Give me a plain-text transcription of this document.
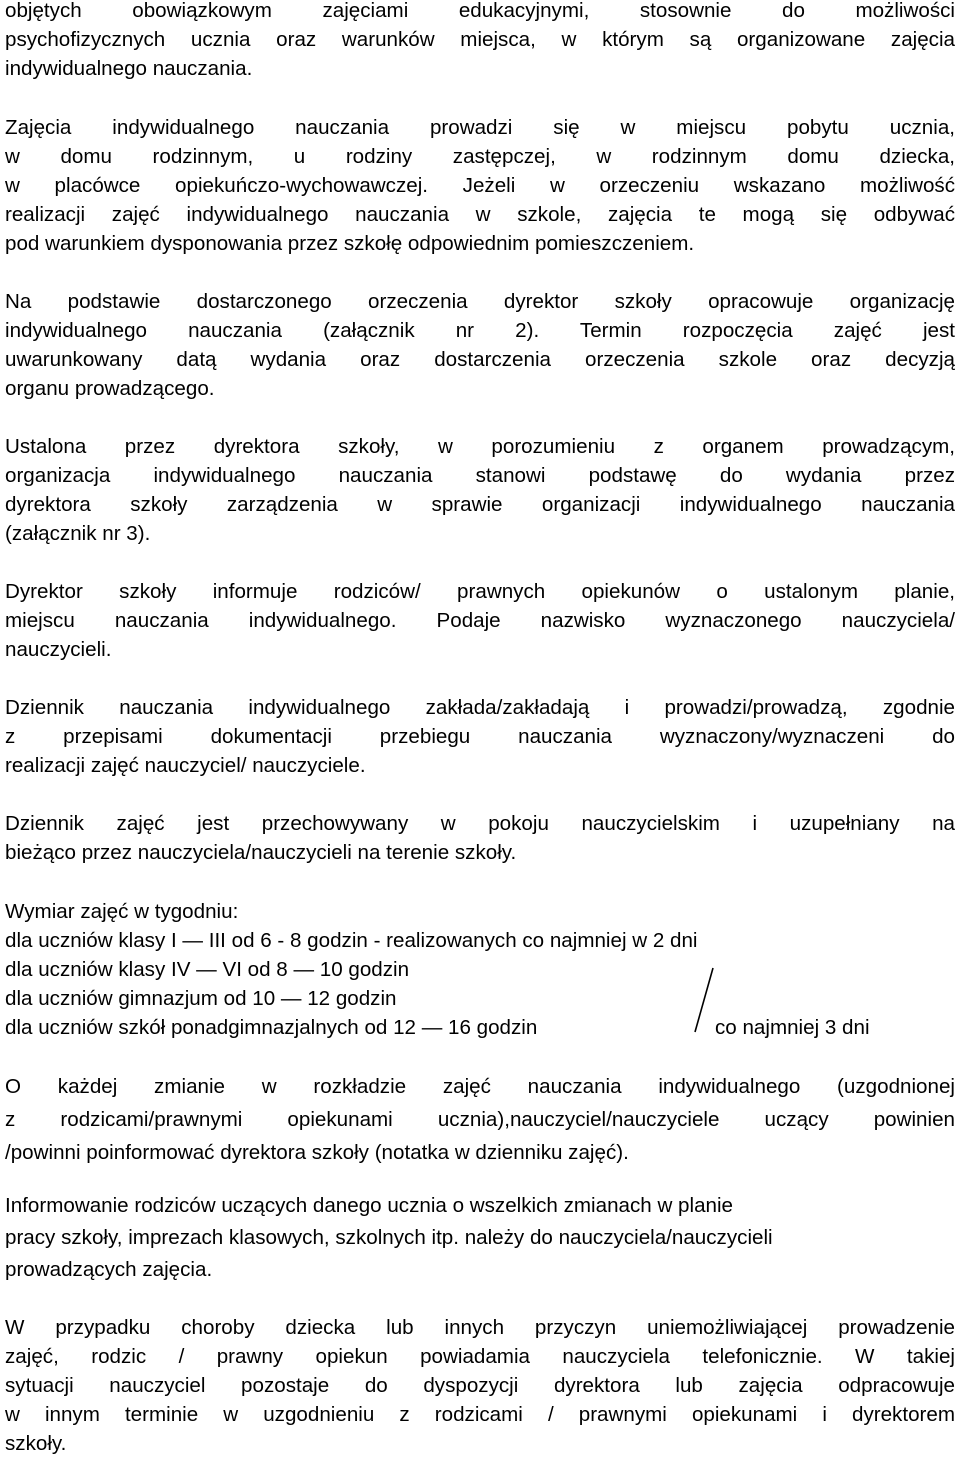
objętych obowiązkowym zajęciami edukacyjnymi, stosownie do możliwości
psychofizycznych ucznia oraz warunków miejsca, w którym są organizowane zajęcia
indywidualnego nauczania.
Zajęcia indywidualnego nauczania prowadzi się w miejscu pobytu ucznia,
w domu rodzinnym, u rodziny zastępczej, w rodzinnym domu dziecka,
w placówce opiekuńczo-wychowawczej. Jeżeli w orzeczeniu wskazano możliwość
realizacji zajęć indywidualnego nauczania w szkole, zajęcia te mogą się odbywać
pod warunkiem dysponowania przez szkołę odpowiednim pomieszczeniem.
Na podstawie dostarczonego orzeczenia dyrektor szkoły opracowuje organizację
indywidualnego nauczania (załącznik nr 2). Termin rozpoczęcia zajęć jest
uwarunkowany datą wydania oraz dostarczenia orzeczenia szkole oraz decyzją
organu prowadzącego.
Ustalona przez dyrektora szkoły, w porozumieniu z organem prowadzącym,
organizacja indywidualnego nauczania stanowi podstawę do wydania przez
dyrektora szkoły zarządzenia w sprawie organizacji indywidualnego nauczania
(załącznik nr 3).
Dyrektor szkoły informuje rodziców/ prawnych opiekunów o ustalonym planie,
miejscu nauczania indywidualnego. Podaje nazwisko wyznaczonego nauczyciela/
nauczycieli.
Dziennik nauczania indywidualnego zakłada/zakładają i prowadzi/prowadzą, zgodnie
z przepisami dokumentacji przebiegu nauczania wyznaczony/wyznaczeni do
realizacji zajęć nauczyciel/ nauczyciele.
Dziennik zajęć jest przechowywany w pokoju nauczycielskim i uzupełniany na
bieżąco przez nauczyciela/nauczycieli na terenie szkoły.

Wymiar zajęć w tygodniu:

dla uczniów klasy I — III od 6 - 8 godzin - realizowanych co najmniej w 2 dni

dla uczniów klasy IV — VI od 8 — 10 godzin

dla uczniów gimnazjum od 10 — 12 godzin

dla uczniów szkół ponadgimnazjalnych od 12 — 16 godzin	co najmniej 3 dni

O każdej zmianie w rozkładzie zajęć nauczania indywidualnego (uzgodnionej
z rodzicami/prawnymi opiekunami ucznia),nauczyciel/nauczyciele uczący powinien
/powinni poinformować dyrektora szkoły (notatka w dzienniku zajęć).
Informowanie rodziców uczących danego ucznia o wszelkich zmianach w planie
pracy szkoły, imprezach klasowych, szkolnych itp. należy do nauczyciela/nauczycieli
prowadzących zajęcia.
W przypadku choroby dziecka lub innych przyczyn uniemożliwiającej prowadzenie
zajęć, rodzic / prawny opiekun powiadamia nauczyciela telefonicznie. W takiej
sytuacji nauczyciel pozostaje do dyspozycji dyrektora lub zajęcia odpracowuje
w innym terminie w uzgodnieniu z rodzicami / prawnymi opiekunami i dyrektorem
szkoły.
